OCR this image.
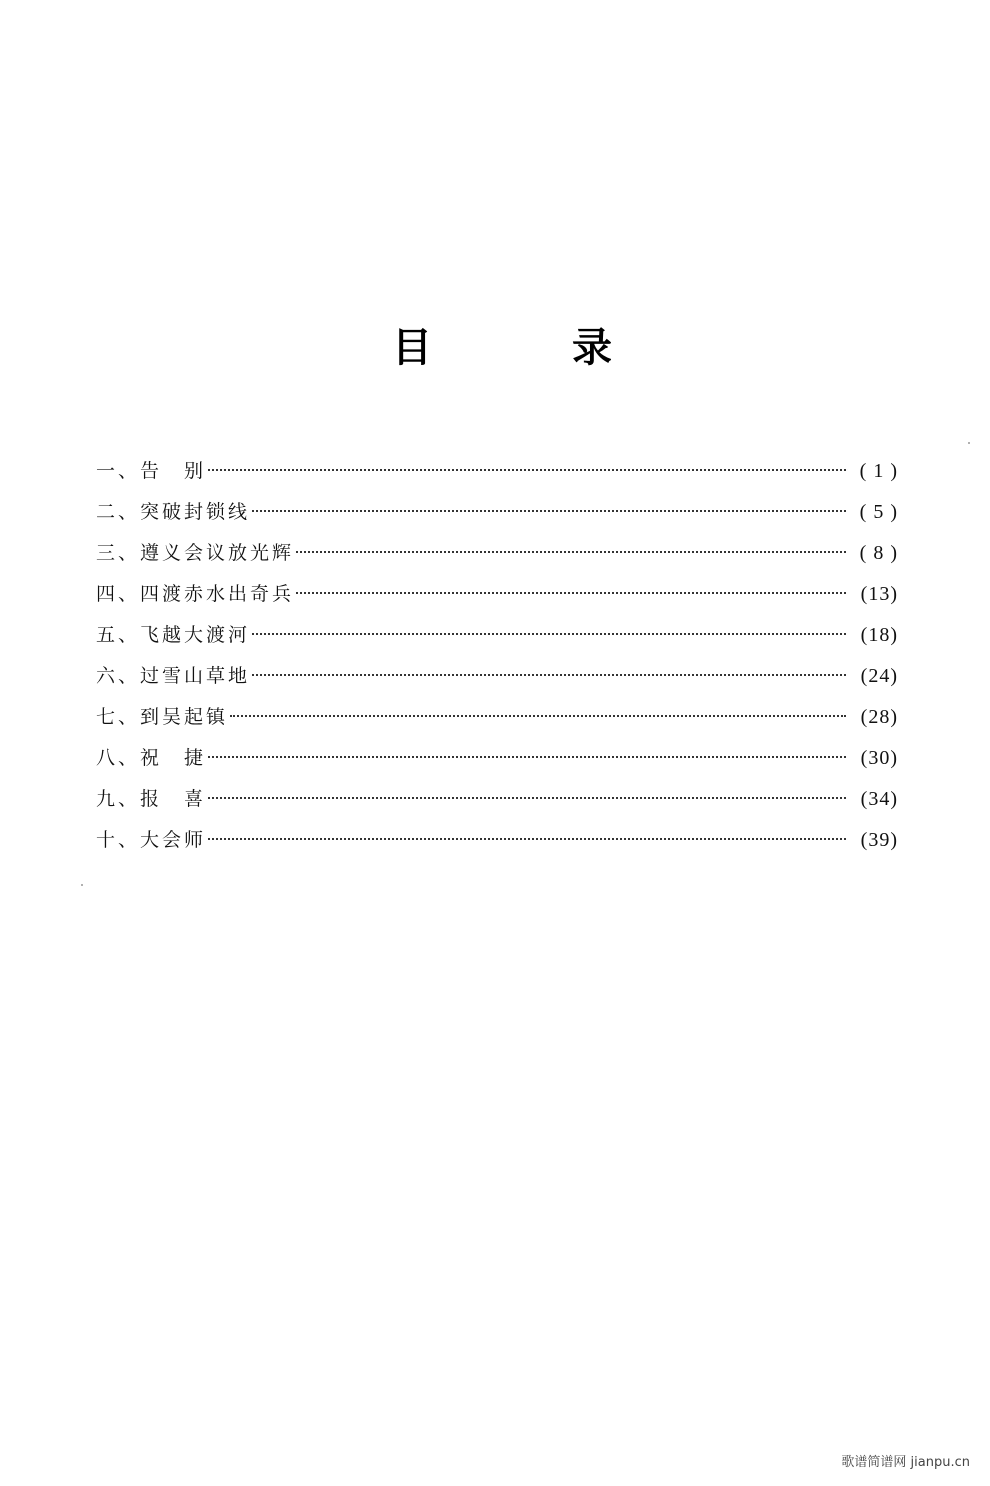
目	录
一、告　别	( 1 )
二、突破封锁线	( 5 )
三、遵义会议放光辉	( 8 )
四、四渡赤水出奇兵	(13)
五、飞越大渡河	(18)
六、过雪山草地	(24)
七、到吴起镇	(28)
八、祝　捷	(30)
九、报　喜	(34)
十、大会师	(39)
歌谱简谱网 jianpu.cn
